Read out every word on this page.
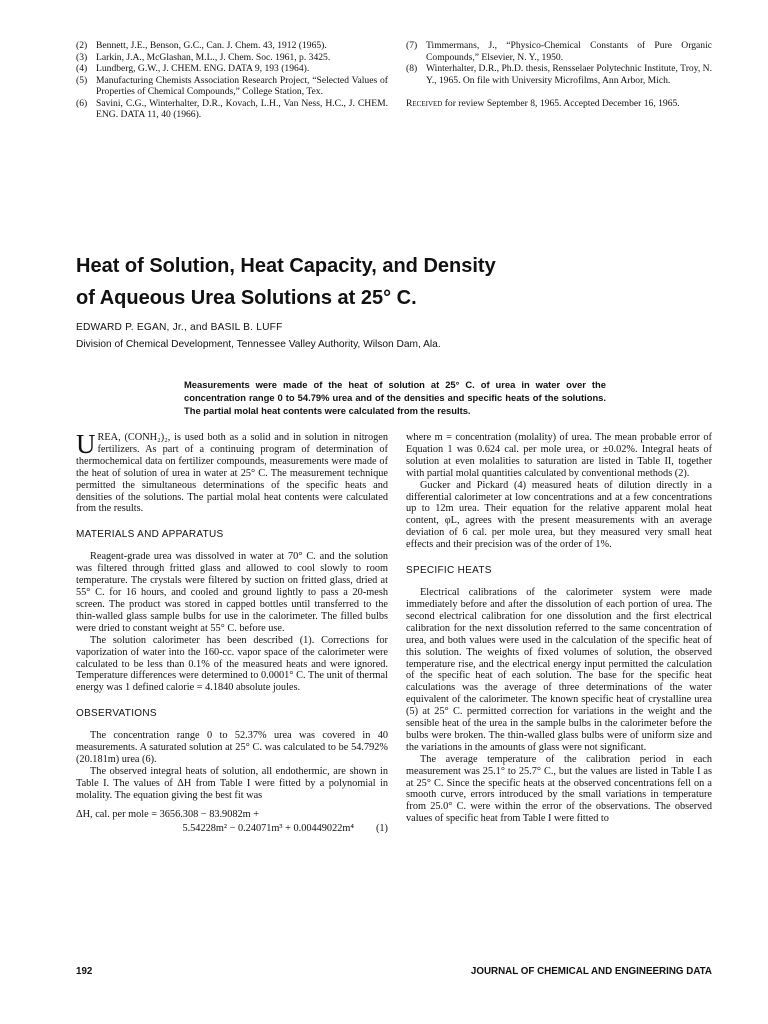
(2) Bennett, J.E., Benson, G.C., Can. J. Chem. 43, 1912 (1965).
(3) Larkin, J.A., McGlashan, M.L., J. Chem. Soc. 1961, p. 3425.
(4) Lundberg, G.W., J. CHEM. ENG. DATA 9, 193 (1964).
(5) Manufacturing Chemists Association Research Project, “Selected Values of Properties of Chemical Compounds,” College Station, Tex.
(6) Savini, C.G., Winterhalter, D.R., Kovach, L.H., Van Ness, H.C., J. CHEM. ENG. DATA 11, 40 (1966).
(7) Timmermans, J., “Physico-Chemical Constants of Pure Organic Compounds,” Elsevier, N. Y., 1950.
(8) Winterhalter, D.R., Ph.D. thesis, Rensselaer Polytechnic Institute, Troy, N. Y., 1965. On file with University Microfilms, Ann Arbor, Mich.
Received for review September 8, 1965. Accepted December 16, 1965.
Heat of Solution, Heat Capacity, and Density
of Aqueous Urea Solutions at 25° C.
EDWARD P. EGAN, Jr., and BASIL B. LUFF
Division of Chemical Development, Tennessee Valley Authority, Wilson Dam, Ala.
Measurements were made of the heat of solution at 25° C. of urea in water over the concentration range 0 to 54.79% urea and of the densities and specific heats of the solutions. The partial molal heat contents were calculated from the results.

UREA, (CONH₂)₂, is used both as a solid and in solution in nitrogen fertilizers. As part of a continuing program of determination of thermochemical data on fertilizer compounds, measurements were made of the heat of solution of urea in water at 25° C. The measurement technique permitted the simultaneous determinations of the specific heats and densities of the solutions. The partial molal heat contents were calculated from the results.

MATERIALS AND APPARATUS

Reagent-grade urea was dissolved in water at 70° C. and the solution was filtered through fritted glass and allowed to cool slowly to room temperature. The crystals were filtered by suction on fritted glass, dried at 55° C. for 16 hours, and cooled and ground lightly to pass a 20-mesh screen. The product was stored in capped bottles until transferred to the thin-walled glass sample bulbs for use in the calorimeter. The filled bulbs were dried to constant weight at 55° C. before use.

The solution calorimeter has been described (1). Corrections for vaporization of water into the 160-cc. vapor space of the calorimeter were calculated to be less than 0.1% of the measured heats and were ignored. Temperature differences were determined to 0.0001° C. The unit of thermal energy was 1 defined calorie = 4.1840 absolute joules.

OBSERVATIONS

The concentration range 0 to 52.37% urea was covered in 40 measurements. A saturated solution at 25° C. was calculated to be 54.792% (20.181m) urea (6).

The observed integral heats of solution, all endothermic, are shown in Table I. The values of ΔH from Table I were fitted by a polynomial in molality. The equation giving the best fit was

ΔH, cal. per mole = 3656.308 − 83.9082m +
5.54228m² − 0.24071m³ + 0.00449022m⁴ (1)

where m = concentration (molality) of urea. The mean probable error of Equation 1 was 0.624 cal. per mole urea, or ±0.02%. Integral heats of solution at even molalities to saturation are listed in Table II, together with partial molal quantities calculated by conventional methods (2).

Gucker and Pickard (4) measured heats of dilution directly in a differential calorimeter at low concentrations and at a few concentrations up to 12m urea. Their equation for the relative apparent molal heat content, φL, agrees with the present measurements with an average deviation of 6 cal. per mole urea, but they measured very small heat effects and their precision was of the order of 1%.

SPECIFIC HEATS

Electrical calibrations of the calorimeter system were made immediately before and after the dissolution of each portion of urea. The second electrical calibration for one dissolution and the first electrical calibration for the next dissolution referred to the same concentration of urea, and both values were used in the calculation of the specific heat of this solution. The weights of fixed volumes of solution, the observed temperature rise, and the electrical energy input permitted the calculation of the specific heat of each solution. The base for the specific heat calculations was the average of three determinations of the water equivalent of the calorimeter. The known specific heat of crystalline urea (5) at 25° C. permitted correction for variations in the weight and the sensible heat of the urea in the sample bulbs in the calorimeter before the bulbs were broken. The thin-walled glass bulbs were of uniform size and the variations in the amounts of glass were not significant.

The average temperature of the calibration period in each measurement was 25.1° to 25.7° C., but the values are listed in Table I as at 25° C. Since the specific heats at the observed concentrations fell on a smooth curve, errors introduced by the small variations in temperature from 25.0° C. were within the error of the observations. The observed values of specific heat from Table I were fitted to

192	JOURNAL OF CHEMICAL AND ENGINEERING DATA
